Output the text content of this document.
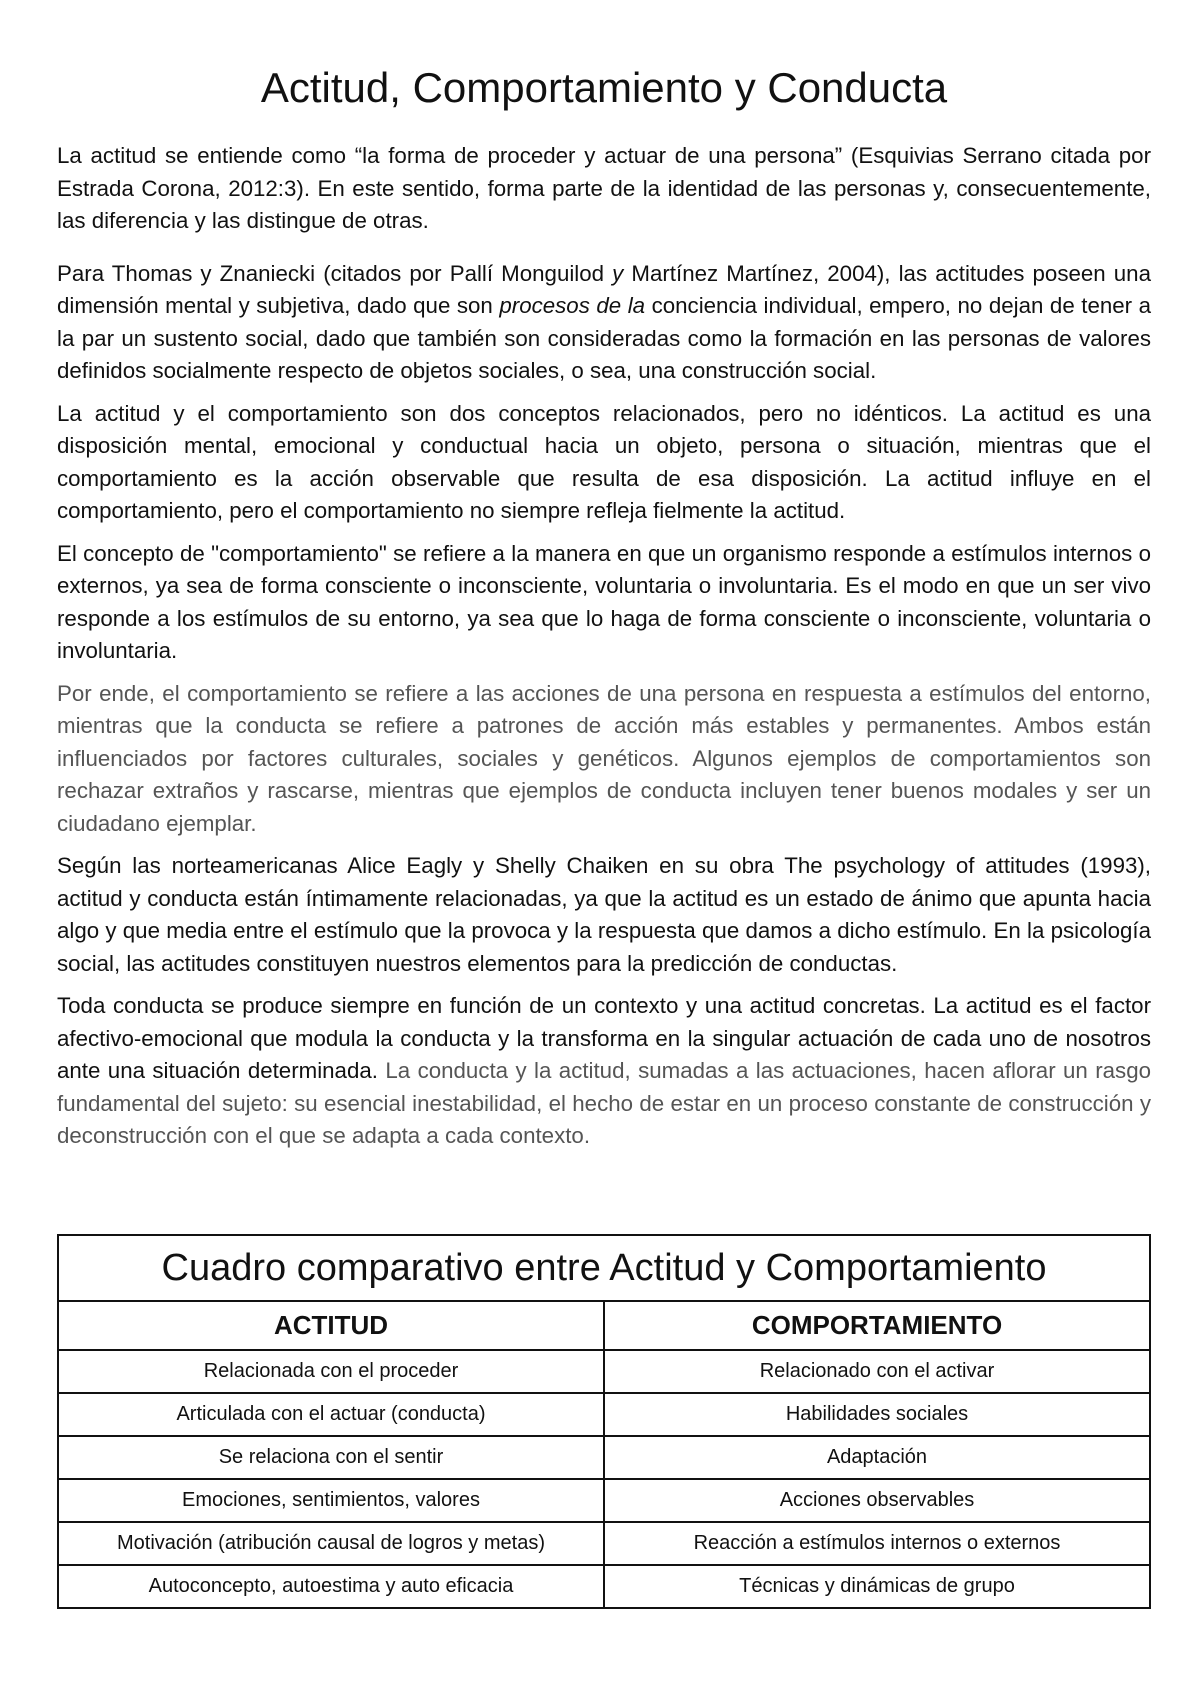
Actitud, Comportamiento y Conducta

La actitud se entiende como “la forma de proceder y actuar de una persona” (Esquivias Serrano citada por Estrada Corona, 2012:3). En este sentido, forma parte de la identidad de las personas y, consecuentemente, las diferencia y las distingue de otras.

Para Thomas y Znaniecki (citados por Pallí Monguilod y Martínez Martínez, 2004), las actitudes poseen una dimensión mental y subjetiva, dado que son procesos de la conciencia individual, empero, no dejan de tener a la par un sustento social, dado que también son consideradas como la formación en las personas de valores definidos socialmente respecto de objetos sociales, o sea, una construcción social.

La actitud y el comportamiento son dos conceptos relacionados, pero no idénticos. La actitud es una disposición mental, emocional y conductual hacia un objeto, persona o situación, mientras que el comportamiento es la acción observable que resulta de esa disposición. La actitud influye en el comportamiento, pero el comportamiento no siempre refleja fielmente la actitud.

El concepto de "comportamiento" se refiere a la manera en que un organismo responde a estímulos internos o externos, ya sea de forma consciente o inconsciente, voluntaria o involuntaria. Es el modo en que un ser vivo responde a los estímulos de su entorno, ya sea que lo haga de forma consciente o inconsciente, voluntaria o involuntaria.

Por ende, el comportamiento se refiere a las acciones de una persona en respuesta a estímulos del entorno, mientras que la conducta se refiere a patrones de acción más estables y permanentes. Ambos están influenciados por factores culturales, sociales y genéticos. Algunos ejemplos de comportamientos son rechazar extraños y rascarse, mientras que ejemplos de conducta incluyen tener buenos modales y ser un ciudadano ejemplar.

Según las norteamericanas Alice Eagly y Shelly Chaiken en su obra The psychology of attitudes (1993), actitud y conducta están íntimamente relacionadas, ya que la actitud es un estado de ánimo que apunta hacia algo y que media entre el estímulo que la provoca y la respuesta que damos a dicho estímulo. En la psicología social, las actitudes constituyen nuestros elementos para la predicción de conductas.

Toda conducta se produce siempre en función de un contexto y una actitud concretas. La actitud es el factor afectivo-emocional que modula la conducta y la transforma en la singular actuación de cada uno de nosotros ante una situación determinada. La conducta y la actitud, sumadas a las actuaciones, hacen aflorar un rasgo fundamental del sujeto: su esencial inestabilidad, el hecho de estar en un proceso constante de construcción y deconstrucción con el que se adapta a cada contexto.

Cuadro comparativo entre Actitud y Comportamiento	
ACTITUD	COMPORTAMIENTO
Relacionada con el proceder	Relacionado con el activar
Articulada con el actuar (conducta)	Habilidades sociales
Se relaciona con el sentir	Adaptación
Emociones, sentimientos, valores	Acciones observables
Motivación (atribución causal de logros y metas)	Reacción a estímulos internos o externos
Autoconcepto, autoestima y auto eficacia	Técnicas y dinámicas de grupo
